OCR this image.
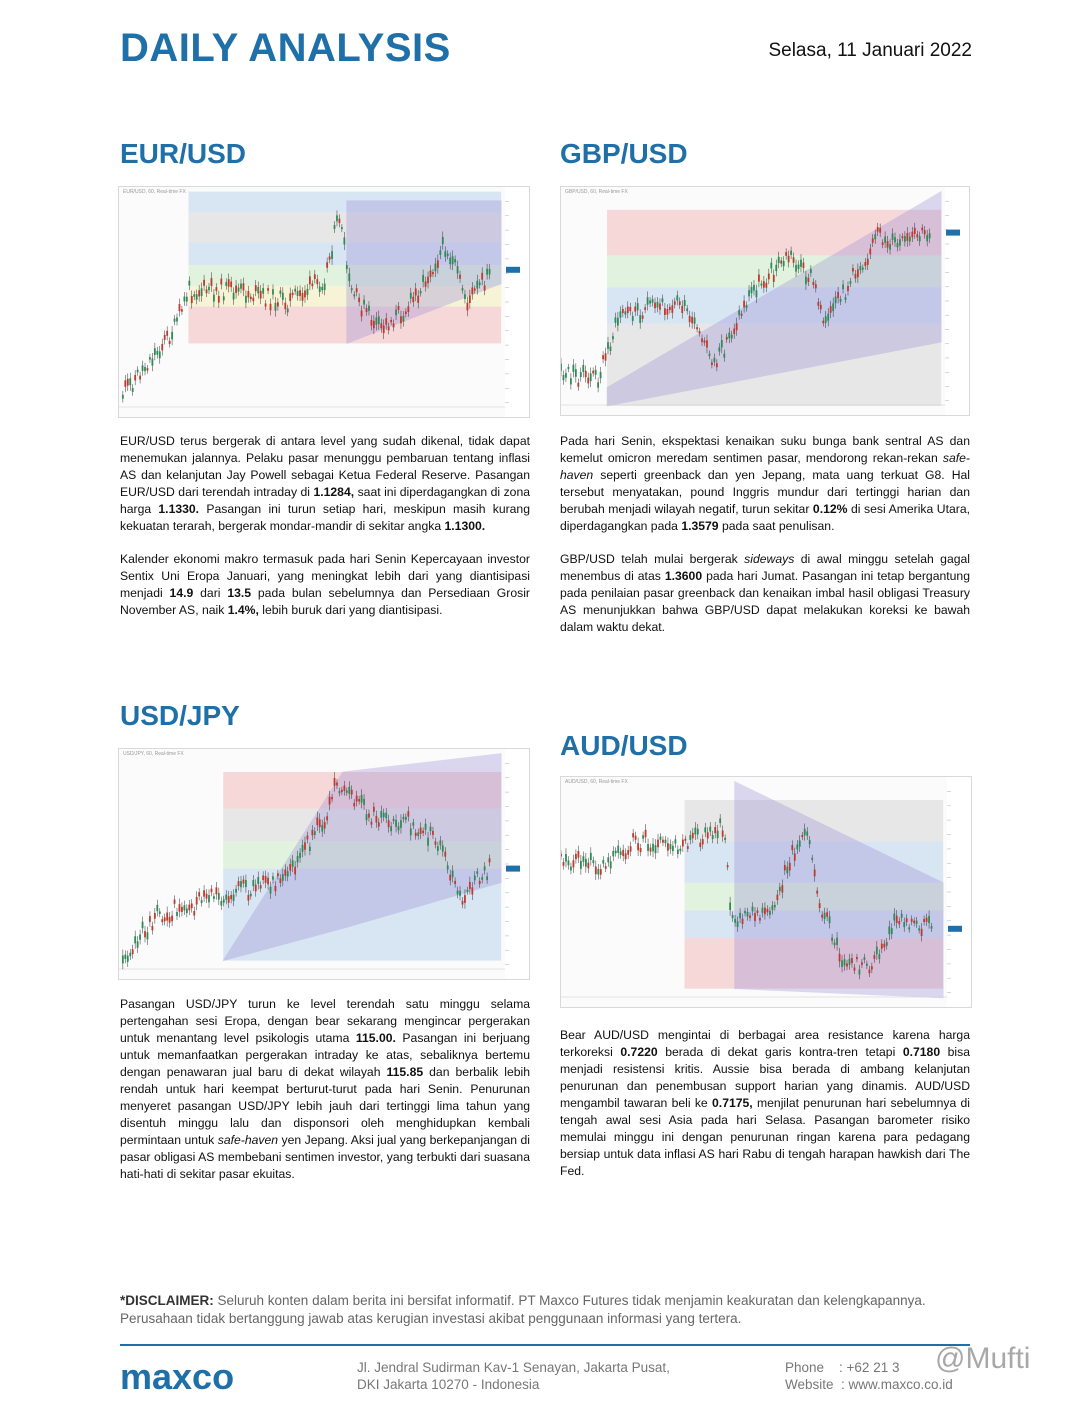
DAILY ANALYSIS	Selasa, 11 Januari 2022
EUR/USD
EUR/USD, 60, Real-time FX

EUR/USD terus bergerak di antara level yang sudah dikenal, tidak dapat menemukan jalannya. Pelaku pasar menunggu pembaruan tentang inflasi AS dan kelanjutan Jay Powell sebagai Ketua Federal Reserve. Pasangan EUR/USD dari terendah intraday di 1.1284, saat ini diperdagangkan di zona harga 1.1330. Pasangan ini turun setiap hari, meskipun masih kurang kekuatan terarah, bergerak mondar-mandir di sekitar angka 1.1300.

Kalender ekonomi makro termasuk pada hari Senin Kepercayaan investor Sentix Uni Eropa Januari, yang meningkat lebih dari yang diantisipasi menjadi 14.9 dari 13.5 pada bulan sebelumnya dan Persediaan Grosir November AS, naik 1.4%, lebih buruk dari yang diantisipasi.

GBP/USD
GBP/USD, 60, Real-time FX

Pada hari Senin, ekspektasi kenaikan suku bunga bank sentral AS dan kemelut omicron meredam sentimen pasar, mendorong rekan-rekan safe-haven seperti greenback dan yen Jepang, mata uang terkuat G8. Hal tersebut menyatakan, pound Inggris mundur dari tertinggi harian dan berubah menjadi wilayah negatif, turun sekitar 0.12% di sesi Amerika Utara, diperdagangkan pada 1.3579 pada saat penulisan.

GBP/USD telah mulai bergerak sideways di awal minggu setelah gagal menembus di atas 1.3600 pada hari Jumat. Pasangan ini tetap bergantung pada penilaian pasar greenback dan kenaikan imbal hasil obligasi Treasury AS menunjukkan bahwa GBP/USD dapat melakukan koreksi ke bawah dalam waktu dekat.

USD/JPY
USD/JPY, 60, Real-time FX

Pasangan USD/JPY turun ke level terendah satu minggu selama pertengahan sesi Eropa, dengan bear sekarang mengincar pergerakan untuk menantang level psikologis utama 115.00. Pasangan ini berjuang untuk memanfaatkan pergerakan intraday ke atas, sebaliknya bertemu dengan penawaran jual baru di dekat wilayah 115.85 dan berbalik lebih rendah untuk hari keempat berturut-turut pada hari Senin. Penurunan menyeret pasangan USD/JPY lebih jauh dari tertinggi lima tahun yang disentuh minggu lalu dan disponsori oleh menghidupkan kembali permintaan untuk safe-haven yen Jepang. Aksi jual yang berkepanjangan di pasar obligasi AS membebani sentimen investor, yang terbukti dari suasana hati-hati di sekitar pasar ekuitas.

AUD/USD
AUD/USD, 60, Real-time FX

Bear AUD/USD mengintai di berbagai area resistance karena harga terkoreksi 0.7220 berada di dekat garis kontra-tren tetapi 0.7180 bisa menjadi resistensi kritis. Aussie bisa berada di ambang kelanjutan penurunan dan penembusan support harian yang dinamis. AUD/USD mengambil tawaran beli ke 0.7175, menjilat penurunan hari sebelumnya di tengah awal sesi Asia pada hari Selasa. Pasangan barometer risiko memulai minggu ini dengan penurunan ringan karena para pedagang bersiap untuk data inflasi AS hari Rabu di tengah harapan hawkish dari The Fed.

*DISCLAIMER: Seluruh konten dalam berita ini bersifat informatif. PT Maxco Futures tidak menjamin keakuratan dan kelengkapannya. Perusahaan tidak bertanggung jawab atas kerugian investasi akibat penggunaan informasi yang tertera.
maxco	Jl. Jendral Sudirman Kav-1 Senayan, Jakarta Pusat,
DKI Jakarta 10270 - Indonesia
Phone    : +62 21 3
Website  : www.maxco.co.id
@Mufti
